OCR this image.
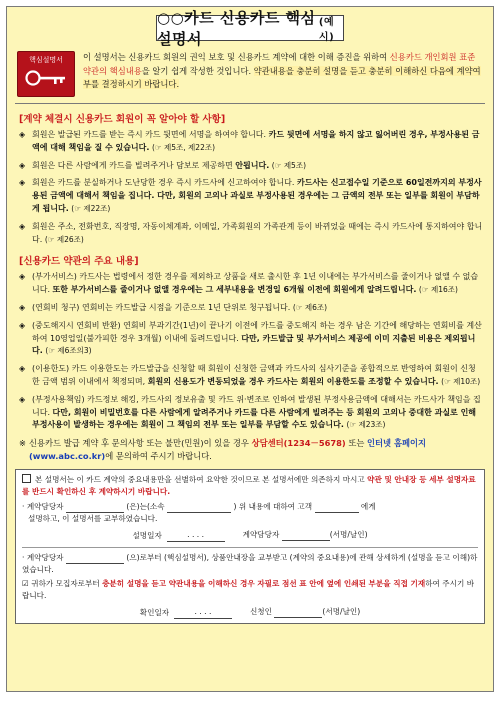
○○카드 신용카드 핵심설명서
(예시)
핵심설명서	이 설명서는 신용카드 회원의 권익 보호 및 신용카드 계약에 대한 이해 증진을 위하여 신용카드 개인회원 표준약관의 핵심내용을 알기 쉽게 작성한 것입니다. 약관내용을 충분히 설명을 듣고 충분히 이해하신 다음에 계약여부를 결정하시기 바랍니다.
[계약 체결시 신용카드 회원이 꼭 알아야 할 사항]
◈ 회원은 발급된 카드를 받는 즉시 카드 뒷면에 서명을 하여야 합니다. 카드 뒷면에 서명을 하지 않고 잃어버린 경우, 부정사용된 금액에 대해 책임을 질 수 있습니다. (☞ 제5조, 제22조)
◈ 회원은 다른 사람에게 카드를 빌려주거나 담보로 제공하면 안됩니다. (☞ 제5조)
◈ 회원은 카드를 분실하거나 도난당한 경우 즉시 카드사에 신고하여야 합니다. 카드사는 신고접수일 기준으로 60일전까지의 부정사용된 금액에 대해서 책임을 집니다. 다만, 회원의 고의나 과실로 부정사용된 경우에는 그 금액의 전부 또는 일부를 회원이 부담하게 됩니다. (☞ 제22조)
◈ 회원은 주소, 전화번호, 직장명, 자동이체계좌, 이메일, 가족회원의 가족관계 등이 바뀌었을 때에는 즉시 카드사에 통지하여야 합니다. (☞ 제26조)
[신용카드 약관의 주요 내용]
◈ (부가서비스) 카드사는 법령에서 정한 경우를 제외하고 상품을 새로 출시한 후 1년 이내에는 부가서비스를 줄이거나 없앨 수 없습니다. 또한 부가서비스를 줄이거나 없앨 경우에는 그 세부내용을 변경일 6개월 이전에 회원에게 알려드립니다. (☞ 제16조)
◈ (연회비 청구) 연회비는 카드발급 시점을 기준으로 1년 단위로 청구됩니다. (☞ 제6조)
◈ (중도해지시 연회비 반환) 연회비 부과기간(1년)이 끝나기 이전에 카드를 중도해지 하는 경우 남은 기간에 해당하는 연회비를 계산하여 10영업일(불가피한 경우 3개월) 이내에 돌려드립니다. 다만, 카드발급 및 부가서비스 제공에 이미 지출된 비용은 제외됩니다. (☞ 제6조의3)
◈ (이용한도) 카드 이용한도는 카드발급을 신청할 때 회원이 신청한 금액과 카드사의 심사기준을 종합적으로 반영하여 회원이 신청한 금액 범위 이내에서 책정되며, 회원의 신용도가 변동되었을 경우 카드사는 회원의 이용한도를 조정할 수 있습니다. (☞ 제10조)
◈ (부정사용책임) 카드정보 해킹, 카드사의 정보유출 및 카드 위·변조로 인하여 발생된 부정사용금액에 대해서는 카드사가 책임을 집니다. 다만, 회원이 비밀번호를 다른 사람에게 알려주거나 카드를 다른 사람에게 빌려주는 등 회원의 고의나 중대한 과실로 인해 부정사용이 발생하는 경우에는 회원이 그 책임의 전부 또는 일부를 부담할 수도 있습니다. (☞ 제23조)
※ 신용카드 발급 계약 후 문의사항 또는 불만(민원)이 있을 경우 상담센터(1234－5678) 또는 인터넷 홈페이지(www.abc.co.kr)에 문의하여 주시기 바랍니다.
본 설명서는 이 카드 계약의 중요내용만을 선별하여 요약한 것이므로 본 설명서에만 의존하지 마시고 약관 및 안내장 등 세부 설명자료를 반드시 확인하신 후 계약하시기 바랍니다.
· 계약담당자	(은)는(소속	) 위 내용에 대하여 고객	에게
설명하고, 이 설명서를 교부하였습니다.
설명일자	. . . .	계약담당자	(서명/날인)
· 계약당당자	(으)로부터 (핵심설명서), 상품안내장을 교부받고 (계약의 중요내용)에 관해 상세하게 (설명을 듣고 이해)하였습니다.
☑ 귀하가 모집자로부터 충분히 설명을 듣고 약관내용을 이해하신 경우 자필로 점선 표 안에 옆에 인쇄된 부분을 직접 기재하여 주시기 바랍니다.
확인일자	. . . .	신청인	(서명/날인)
